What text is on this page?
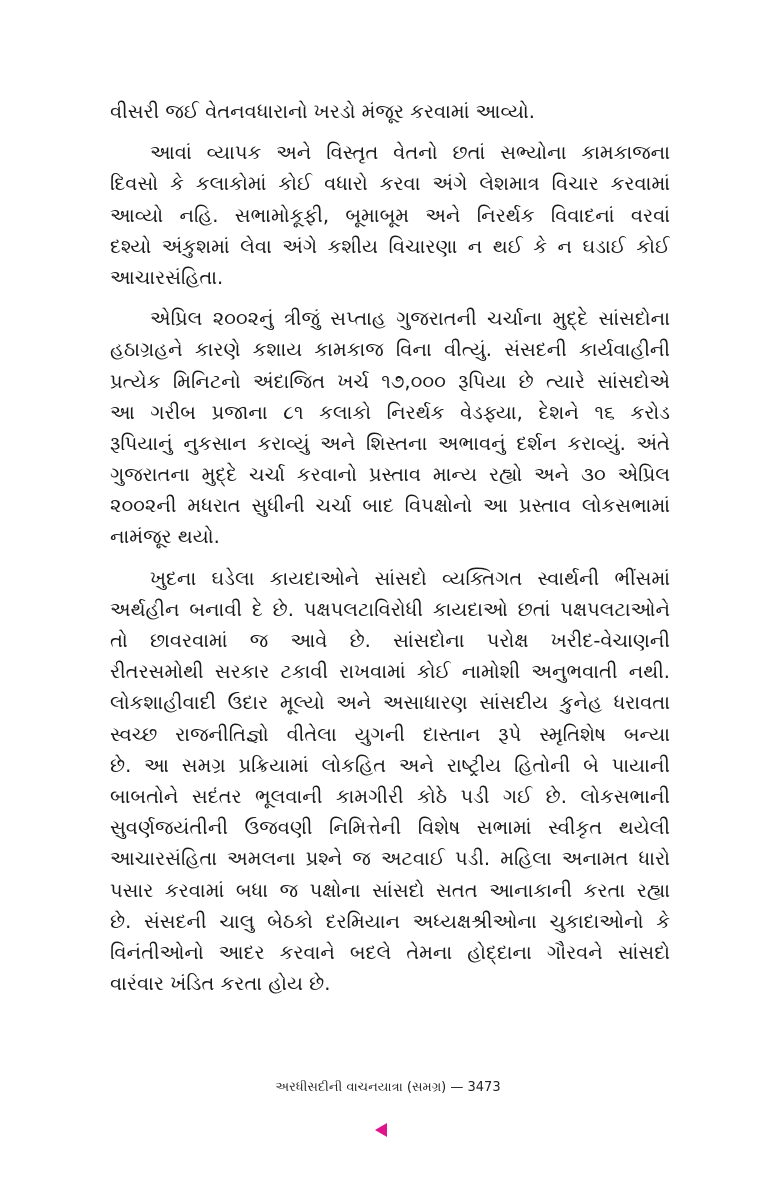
વીસરી જઈ વેતનવધારાનો ખરડો મંજૂર કરવામાં આવ્યો.
આવાં વ્યાપક અને વિસ્તૃત વેતનો છતાં સભ્યોના કામકાજના
દિવસો કે કલાકોમાં કોઈ વધારો કરવા અંગે લેશમાત્ર વિચાર કરવામાં
આવ્યો નહિ. સભામોકૂફી, બૂમાબૂમ અને નિરર્થક વિવાદનાં વરવાં
દશ્યો અંકુશમાં લેવા અંગે કશીય વિચારણા ન થઈ કે ન ઘડાઈ કોઈ
આચારસંહિતા.
એપ્રિલ ૨૦૦૨નું ત્રીજું સપ્તાહ ગુજરાતની ચર્ચાના મુદ્દે સાંસદોના
હઠાગ્રહને કારણે કશાય કામકાજ વિના વીત્યું. સંસદની કાર્યવાહીની
પ્રત્યેક મિનિટનો અંદાજિત ખર્ચ ૧૭,૦૦૦ રૂપિયા છે ત્યારે સાંસદોએ
આ ગરીબ પ્રજાના ૮૧ કલાકો નિરર્થક વેડફ્યા, દેશને ૧૬ કરોડ
રૂપિયાનું નુકસાન કરાવ્યું અને શિસ્તના અભાવનું દર્શન કરાવ્યું. અંતે
ગુજરાતના મુદ્દે ચર્ચા કરવાનો પ્રસ્તાવ માન્ય રહ્યો અને ૩૦ એપ્રિલ
૨૦૦૨ની મધરાત સુધીની ચર્ચા બાદ વિપક્ષોનો આ પ્રસ્તાવ લોકસભામાં
નામંજૂર થયો.
ખુદના ઘડેલા કાયદાઓને સાંસદો વ્યક્તિગત સ્વાર્થની ભીંસમાં
અર્થહીન બનાવી દે છે. પક્ષપલટાવિરોધી કાયદાઓ છતાં પક્ષપલટાઓને
તો છાવરવામાં જ આવે છે. સાંસદોના પરોક્ષ ખરીદ-વેચાણની
રીતરસમોથી સરકાર ટકાવી રાખવામાં કોઈ નામોશી અનુભવાતી નથી.
લોકશાહીવાદી ઉદાર મૂલ્યો અને અસાધારણ સાંસદીય કુનેહ ધરાવતા
સ્વચ્છ રાજનીતિજ્ઞો વીતેલા યુગની દાસ્તાન રૂપે સ્મૃતિશેષ બન્યા
છે. આ સમગ્ર પ્રક્રિયામાં લોકહિત અને રાષ્ટ્રીય હિતોની બે પાયાની
બાબતોને સદંતર ભૂલવાની કામગીરી કોઠે પડી ગઈ છે. લોકસભાની
સુવર્ણજયંતીની ઉજવણી નિમિત્તેની વિશેષ સભામાં સ્વીકૃત થયેલી
આચારસંહિતા અમલના પ્રશ્ને જ અટવાઈ પડી. મહિલા અનામત ધારો
પસાર કરવામાં બધા જ પક્ષોના સાંસદો સતત આનાકાની કરતા રહ્યા
છે. સંસદની ચાલુ બેઠકો દરમિયાન અધ્યક્ષશ્રીઓના ચુકાદાઓનો કે
વિનંતીઓનો આદર કરવાને બદલે તેમના હોદ્દાના ગૌરવને સાંસદો
વારંવાર ખંડિત કરતા હોય છે.
અરધીસદીની વાચનયાત્રા (સમગ્ર) — 3473
